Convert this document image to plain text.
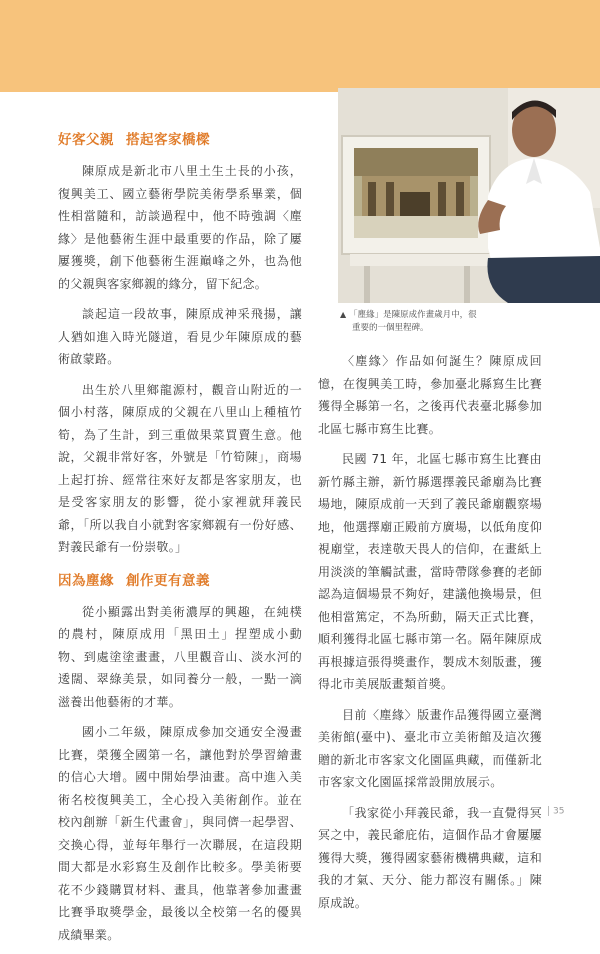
好客父親 搭起客家橋樑

陳原成是新北市八里土生土長的小孩，復興美工、國立藝術學院美術學系畢業，個性相當隨和，訪談過程中，他不時強調〈塵緣〉是他藝術生涯中最重要的作品，除了屢屢獲獎，創下他藝術生涯巔峰之外，也為他的父親與客家鄉親的緣分，留下紀念。

談起這一段故事，陳原成神采飛揚，讓人猶如進入時光隧道，看見少年陳原成的藝術啟蒙路。

出生於八里鄉龍源村，觀音山附近的一個小村落，陳原成的父親在八里山上種植竹筍，為了生計，到三重做果菜買賣生意。他說，父親非常好客，外號是「竹筍陳」，商場上起打拚、經常往來好友都是客家朋友，也是受客家朋友的影響，從小家裡就拜義民爺，「所以我自小就對客家鄉親有一份好感、對義民爺有一份崇敬。」

因為塵緣 創作更有意義

從小顯露出對美術濃厚的興趣，在純樸的農村，陳原成用「黑田土」捏塑成小動物、到處塗塗畫畫，八里觀音山、淡水河的逶闊、翠綠美景，如同養分一般，一點一滴滋養出他藝術的才華。

國小二年級，陳原成參加交通安全漫畫比賽，榮獲全國第一名，讓他對於學習繪畫的信心大增。國中開始學油畫。高中進入美術名校復興美工，全心投入美術創作。並在校內創辦「新生代畫會」，與同儕一起學習、交換心得，並每年舉行一次聯展，在這段期間大都是水彩寫生及創作比較多。學美術要花不少錢購買材料、畫具，他靠著參加畫畫比賽爭取獎學金，最後以全校第一名的優異成績畢業。

▲ 「塵緣」是陳原成作畫歲月中，很
重要的一個里程碑。

〈塵緣〉作品如何誕生？陳原成回憶，在復興美工時，參加臺北縣寫生比賽獲得全縣第一名，之後再代表臺北縣參加北區七縣市寫生比賽。

民國 71 年，北區七縣市寫生比賽由新竹縣主辦，新竹縣選擇義民爺廟為比賽場地，陳原成前一天到了義民爺廟觀察場地，他選擇廟正殿前方廣場，以低角度仰視廟堂，表達敬天畏人的信仰，在畫紙上用淡淡的筆觸試畫，當時帶隊參賽的老師認為這個場景不夠好，建議他換場景，但他相當篤定，不為所動，隔天正式比賽，順利獲得北區七縣市第一名。隔年陳原成再根據這張得獎畫作，製成木刻版畫，獲得北市美展版畫類首獎。

目前〈塵緣〉版畫作品獲得國立臺灣美術館(臺中)、臺北市立美術館及這次獲贈的新北市客家文化園區典藏，而僅新北市客家文化園區採常設開放展示。

「我家從小拜義民爺，我一直覺得冥冥之中，義民爺庇佑，這個作品才會屢屢獲得大獎，獲得國家藝術機構典藏，這和我的才氣、天分、能力都沒有關係。」陳原成說。

35
